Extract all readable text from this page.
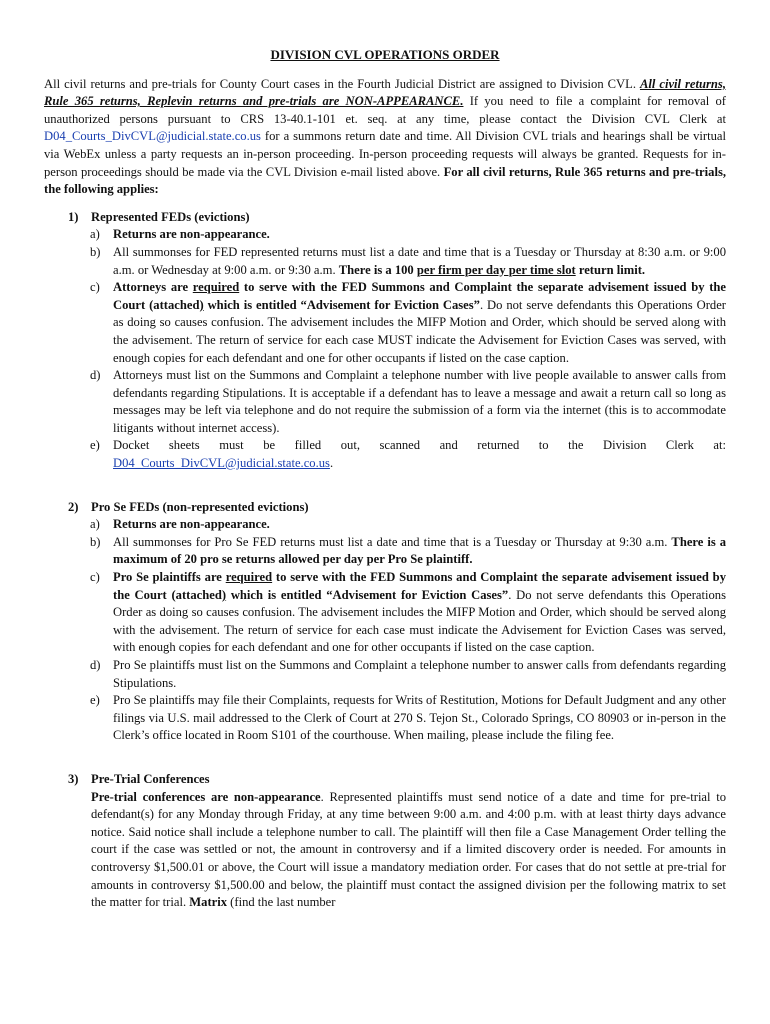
DIVISION CVL OPERATIONS ORDER

All civil returns and pre-trials for County Court cases in the Fourth Judicial District are assigned to Division CVL. All civil returns, Rule 365 returns, Replevin returns and pre-trials are NON-APPEARANCE. If you need to file a complaint for removal of unauthorized persons pursuant to CRS 13-40.1-101 et. seq. at any time, please contact the Division CVL Clerk at D04_Courts_DivCVL@judicial.state.co.us for a summons return date and time. All Division CVL trials and hearings shall be virtual via WebEx unless a party requests an in-person proceeding. In-person proceeding requests will always be granted. Requests for in-person proceedings should be made via the CVL Division e-mail listed above. For all civil returns, Rule 365 returns and pre-trials, the following applies:

1) Represented FEDs (evictions)
a) Returns are non-appearance.
b) All summonses for FED represented returns must list a date and time that is a Tuesday or Thursday at 8:30 a.m. or 9:00 a.m. or Wednesday at 9:00 a.m. or 9:30 a.m. There is a 100 per firm per day per time slot return limit.
c) Attorneys are required to serve with the FED Summons and Complaint the separate advisement issued by the Court (attached) which is entitled “Advisement for Eviction Cases”. Do not serve defendants this Operations Order as doing so causes confusion. The advisement includes the MIFP Motion and Order, which should be served along with the advisement. The return of service for each case MUST indicate the Advisement for Eviction Cases was served, with enough copies for each defendant and one for other occupants if listed on the case caption.
d) Attorneys must list on the Summons and Complaint a telephone number with live people available to answer calls from defendants regarding Stipulations. It is acceptable if a defendant has to leave a message and await a return call so long as messages may be left via telephone and do not require the submission of a form via the internet (this is to accommodate litigants without internet access).
e) Docket sheets must be filled out, scanned and returned to the Division Clerk at:
D04_Courts_DivCVL@judicial.state.co.us.
2) Pro Se FEDs (non-represented evictions)
a) Returns are non-appearance.
b) All summonses for Pro Se FED returns must list a date and time that is a Tuesday or Thursday at 9:30 a.m. There is a maximum of 20 pro se returns allowed per day per Pro Se plaintiff.
c) Pro Se plaintiffs are required to serve with the FED Summons and Complaint the separate advisement issued by the Court (attached) which is entitled “Advisement for Eviction Cases”. Do not serve defendants this Operations Order as doing so causes confusion. The advisement includes the MIFP Motion and Order, which should be served along with the advisement. The return of service for each case must indicate the Advisement for Eviction Cases was served, with enough copies for each defendant and one for other occupants if listed on the case caption.
d) Pro Se plaintiffs must list on the Summons and Complaint a telephone number to answer calls from defendants regarding Stipulations.
e) Pro Se plaintiffs may file their Complaints, requests for Writs of Restitution, Motions for Default Judgment and any other filings via U.S. mail addressed to the Clerk of Court at 270 S. Tejon St., Colorado Springs, CO 80903 or in-person in the Clerk’s office located in Room S101 of the courthouse. When mailing, please include the filing fee.
3) Pre-Trial Conferences
Pre-trial conferences are non-appearance. Represented plaintiffs must send notice of a date and time for pre-trial to defendant(s) for any Monday through Friday, at any time between 9:00 a.m. and 4:00 p.m. with at least thirty days advance notice. Said notice shall include a telephone number to call. The plaintiff will then file a Case Management Order telling the court if the case was settled or not, the amount in controversy and if a limited discovery order is needed. For amounts in controversy $1,500.01 or above, the Court will issue a mandatory mediation order. For cases that do not settle at pre-trial for amounts in controversy $1,500.00 and below, the plaintiff must contact the assigned division per the following matrix to set the matter for trial. Matrix (find the last number
